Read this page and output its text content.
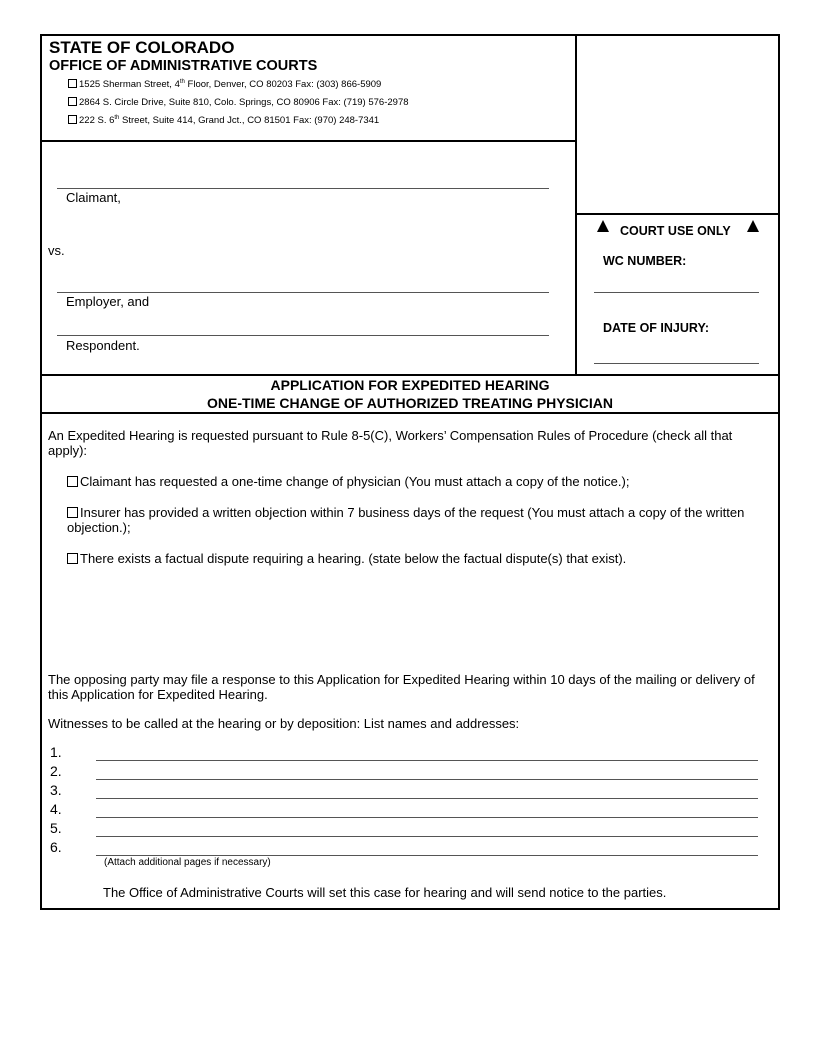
STATE OF COLORADO
OFFICE OF ADMINISTRATIVE COURTS
1525 Sherman Street, 4th Floor, Denver, CO 80203 Fax: (303) 866-5909
2864 S. Circle Drive, Suite 810, Colo. Springs, CO 80906 Fax: (719) 576-2978
222 S. 6th Street, Suite 414, Grand Jct., CO 81501 Fax: (970) 248-7341
Claimant,
vs.
Employer, and
Respondent.
COURT USE ONLY
WC NUMBER:
DATE OF INJURY:
APPLICATION FOR EXPEDITED HEARING
ONE-TIME CHANGE OF AUTHORIZED TREATING PHYSICIAN
An Expedited Hearing is requested pursuant to Rule 8-5(C), Workers’ Compensation Rules of Procedure (check all that apply):
Claimant has requested a one-time change of physician (You must attach a copy of the notice.);
Insurer has provided a written objection within 7 business days of the request (You must attach a copy of the written objection.);
There exists a factual dispute requiring a hearing. (state below the factual dispute(s) that exist).
The opposing party may file a response to this Application for Expedited Hearing within 10 days of the mailing or delivery of this Application for Expedited Hearing.
Witnesses to be called at the hearing or by deposition: List names and addresses:
1.
2.
3.
4.
5.
6.
(Attach additional pages if necessary)
The Office of Administrative Courts will set this case for hearing and will send notice to the parties.
